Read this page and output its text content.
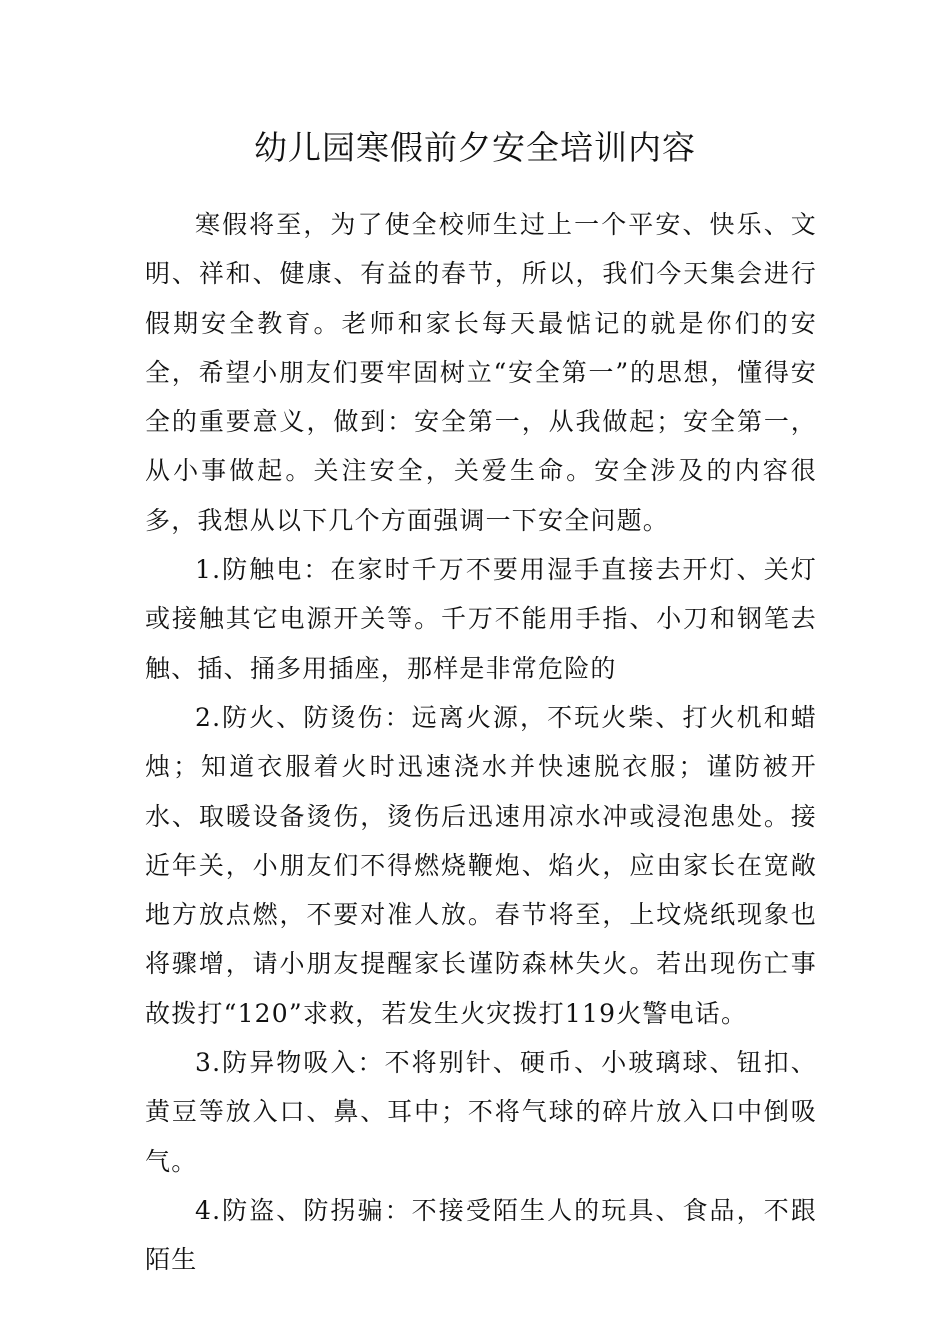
幼儿园寒假前夕安全培训内容

寒假将至，为了使全校师生过上一个平安、快乐、文明、祥和、健康、有益的春节，所以，我们今天集会进行假期安全教育。老师和家长每天最惦记的就是你们的安全，希望小朋友们要牢固树立“安全第一”的思想，懂得安全的重要意义，做到：安全第一，从我做起；安全第一，从小事做起。关注安全，关爱生命。安全涉及的内容很多，我想从以下几个方面强调一下安全问题。

1.防触电：在家时千万不要用湿手直接去开灯、关灯或接触其它电源开关等。千万不能用手指、小刀和钢笔去触、插、捅多用插座，那样是非常危险的

2.防火、防烫伤：远离火源，不玩火柴、打火机和蜡烛；知道衣服着火时迅速浇水并快速脱衣服；谨防被开水、取暖设备烫伤，烫伤后迅速用凉水冲或浸泡患处。接近年关，小朋友们不得燃烧鞭炮、焰火，应由家长在宽敞地方放点燃，不要对准人放。春节将至，上坟烧纸现象也将骤增，请小朋友提醒家长谨防森林失火。若出现伤亡事故拨打“120”求救，若发生火灾拨打119火警电话。

3.防异物吸入：不将别针、硬币、小玻璃球、钮扣、黄豆等放入口、鼻、耳中；不将气球的碎片放入口中倒吸气。

4.防盗、防拐骗：不接受陌生人的玩具、食品，不跟陌生
